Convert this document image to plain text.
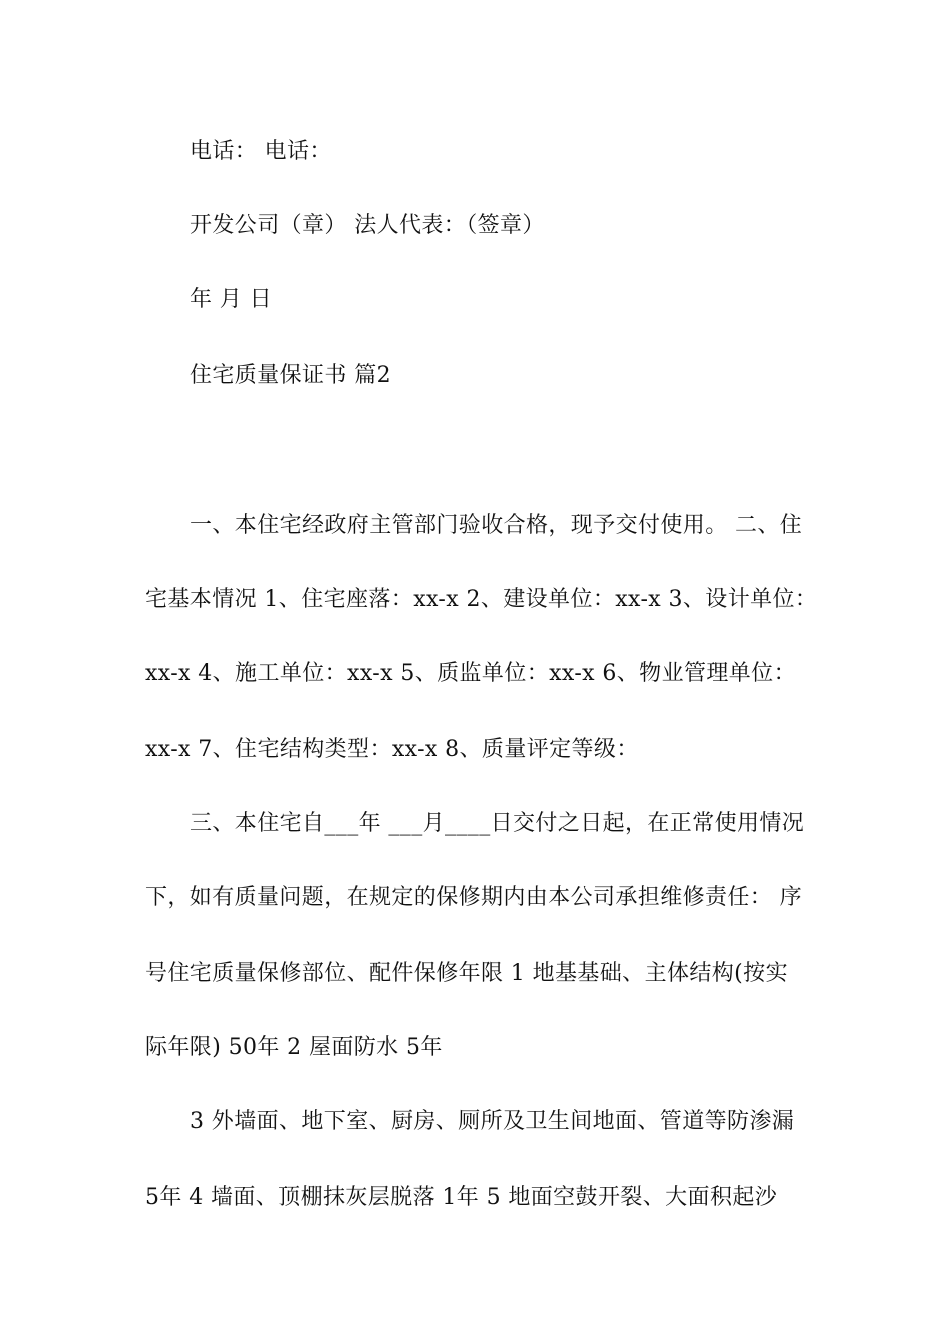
电话： 电话：
开发公司（章） 法人代表：（签章）
年 月 日
住宅质量保证书 篇2
一、本住宅经政府主管部门验收合格，现予交付使用。 二、住
宅基本情况 1、住宅座落：xx-x 2、建设单位：xx-x 3、设计单位：
xx-x 4、施工单位：xx-x 5、质监单位：xx-x 6、物业管理单位：
xx-x 7、住宅结构类型：xx-x 8、质量评定等级：
三、本住宅自___年 ___月____日交付之日起，在正常使用情况
下，如有质量问题，在规定的保修期内由本公司承担维修责任： 序
号住宅质量保修部位、配件保修年限 1 地基基础、主体结构(按实
际年限) 50年 2 屋面防水 5年
3 外墙面、地下室、厨房、厕所及卫生间地面、管道等防渗漏
5年 4 墙面、顶棚抹灰层脱落 1年 5 地面空鼓开裂、大面积起沙
